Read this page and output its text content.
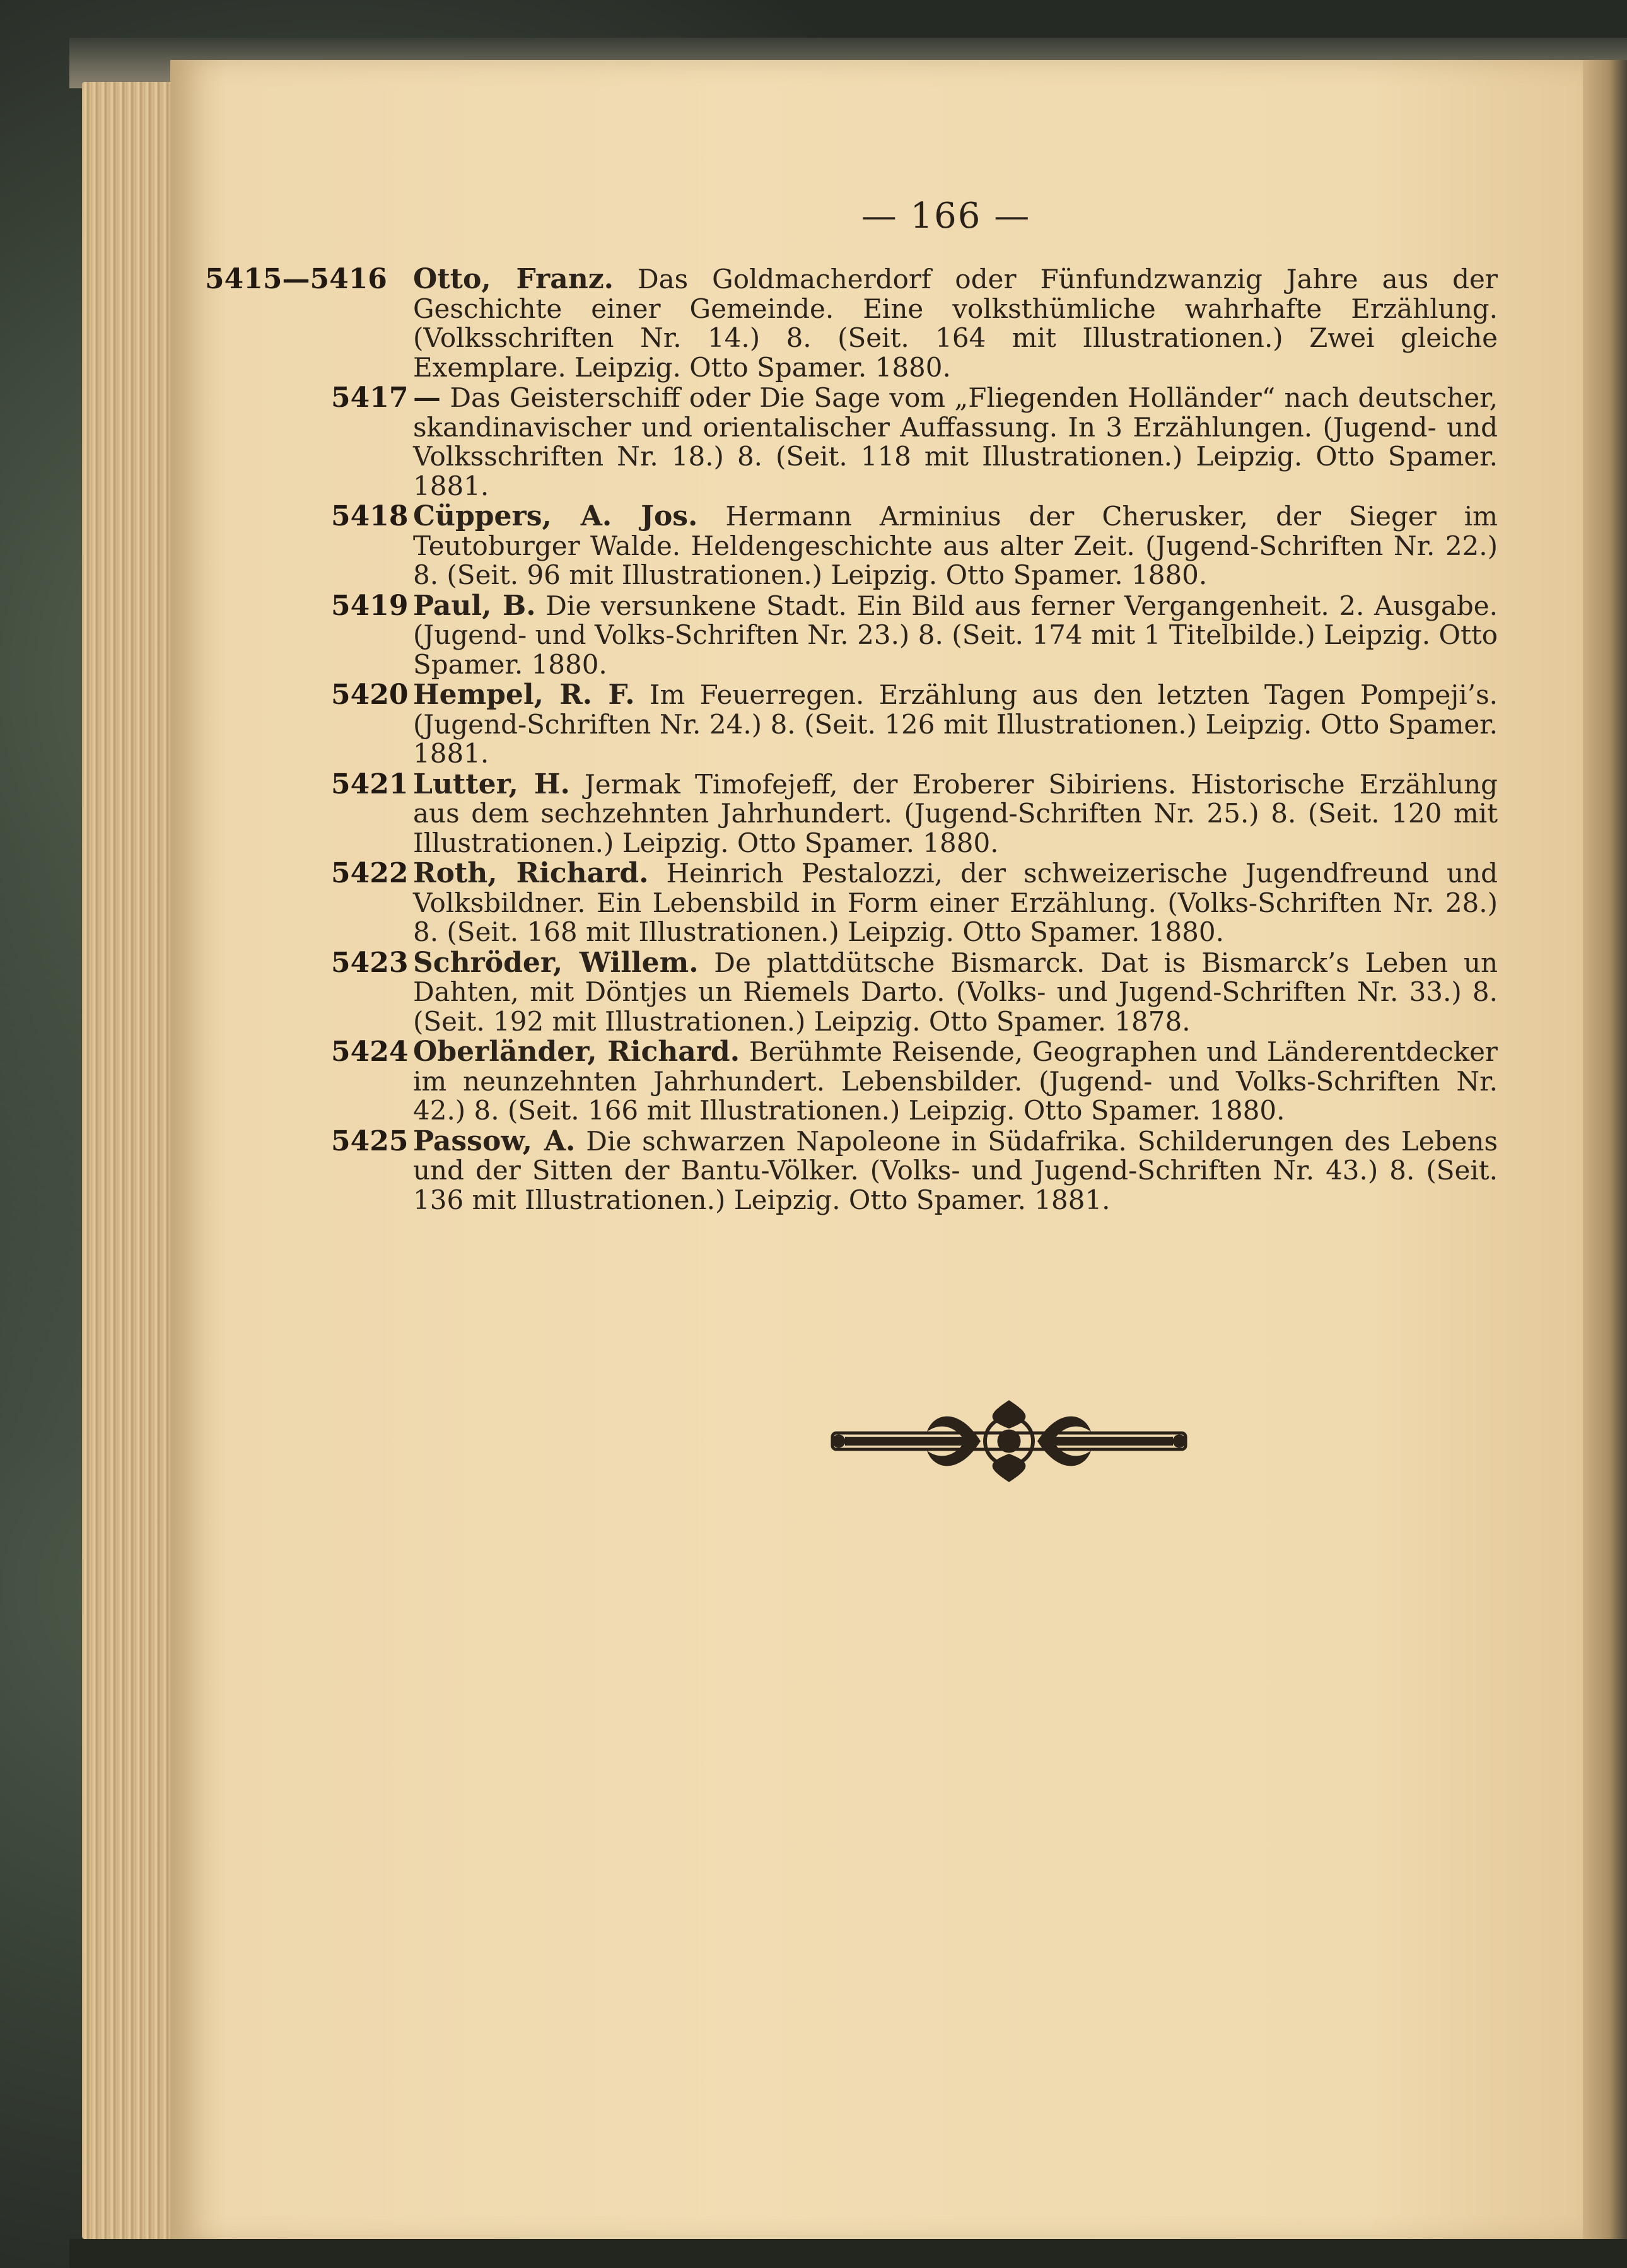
— 166 —
5415—5416 Otto, Franz. Das Goldmacherdorf oder Fünfundzwanzig Jahre aus der Geschichte einer Gemeinde. Eine volksthümliche wahrhafte Erzählung. (Volksschriften Nr. 14.) 8. (Seit. 164 mit Illustrationen.) Zwei gleiche Exemplare. Leipzig. Otto Spamer. 1880.
5417 — Das Geisterschiff oder Die Sage vom „Fliegenden Holländer“ nach deutscher, skandinavischer und orientalischer Auffassung. In 3 Erzählungen. (Jugend- und Volksschriften Nr. 18.) 8. (Seit. 118 mit Illustrationen.) Leipzig. Otto Spamer. 1881.
5418 Cüppers, A. Jos. Hermann Arminius der Cherusker, der Sieger im Teutoburger Walde. Heldengeschichte aus alter Zeit. (Jugend-Schriften Nr. 22.) 8. (Seit. 96 mit Illustrationen.) Leipzig. Otto Spamer. 1880.
5419 Paul, B. Die versunkene Stadt. Ein Bild aus ferner Vergangenheit. 2. Ausgabe. (Jugend- und Volks-Schriften Nr. 23.) 8. (Seit. 174 mit 1 Titelbilde.) Leipzig. Otto Spamer. 1880.
5420 Hempel, R. F. Im Feuerregen. Erzählung aus den letzten Tagen Pompeji’s. (Jugend-Schriften Nr. 24.) 8. (Seit. 126 mit Illustrationen.) Leipzig. Otto Spamer. 1881.
5421 Lutter, H. Jermak Timofejeff, der Eroberer Sibiriens. Historische Erzählung aus dem sechzehnten Jahrhundert. (Jugend-Schriften Nr. 25.) 8. (Seit. 120 mit Illustrationen.) Leipzig. Otto Spamer. 1880.
5422 Roth, Richard. Heinrich Pestalozzi, der schweizerische Jugendfreund und Volksbildner. Ein Lebensbild in Form einer Erzählung. (Volks-Schriften Nr. 28.) 8. (Seit. 168 mit Illustrationen.) Leipzig. Otto Spamer. 1880.
5423 Schröder, Willem. De plattdütsche Bismarck. Dat is Bismarck’s Leben un Dahten, mit Döntjes un Riemels Darto. (Volks- und Jugend-Schriften Nr. 33.) 8. (Seit. 192 mit Illustrationen.) Leipzig. Otto Spamer. 1878.
5424 Oberländer, Richard. Berühmte Reisende, Geographen und Länderentdecker im neunzehnten Jahrhundert. Lebensbilder. (Jugend- und Volks-Schriften Nr. 42.) 8. (Seit. 166 mit Illustrationen.) Leipzig. Otto Spamer. 1880.
5425 Passow, A. Die schwarzen Napoleone in Südafrika. Schilderungen des Lebens und der Sitten der Bantu-Völker. (Volks- und Jugend-Schriften Nr. 43.) 8. (Seit. 136 mit Illustrationen.) Leipzig. Otto Spamer. 1881.
